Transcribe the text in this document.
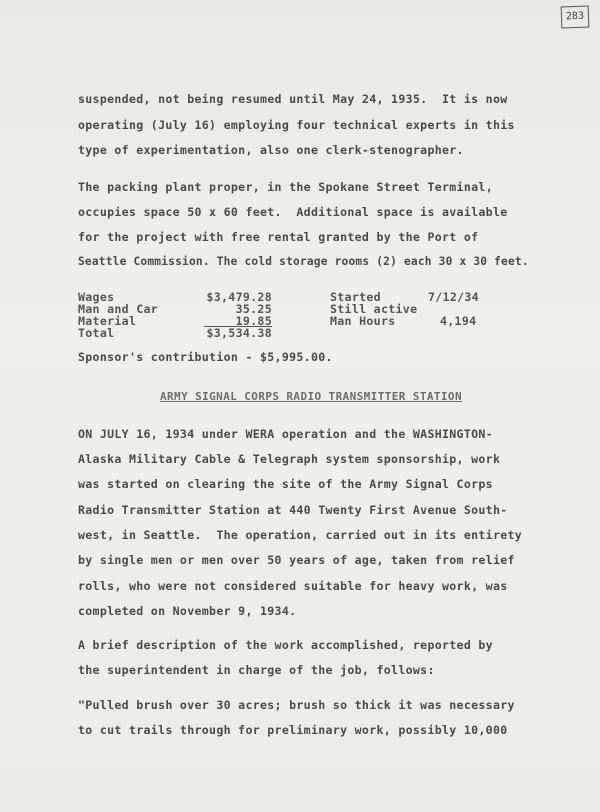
283
suspended, not being resumed until May 24, 1935.  It is now
operating (July 16) employing four technical experts in this
type of experimentation, also one clerk-stenographer.
The packing plant proper, in the Spokane Street Terminal,
occupies space 50 x 60 feet.  Additional space is available
for the project with free rental granted by the Port of
Seattle Commission. The cold storage rooms (2) each 30 x 30 feet.
Wages
Man and Car
Material
Total
$3,479.28
35.25
19.85
$3,534.38
Started
Still active
Man Hours
7/12/34
4,194
Sponsor's contribution - $5,995.00.
ARMY SIGNAL CORPS RADIO TRANSMITTER STATION
ON JULY 16, 1934 under WERA operation and the WASHINGTON-
Alaska Military Cable & Telegraph system sponsorship, work
was started on clearing the site of the Army Signal Corps
Radio Transmitter Station at 440 Twenty First Avenue South-
west, in Seattle.  The operation, carried out in its entirety
by single men or men over 50 years of age, taken from relief
rolls, who were not considered suitable for heavy work, was
completed on November 9, 1934.
A brief description of the work accomplished, reported by
the superintendent in charge of the job, follows:
"Pulled brush over 30 acres; brush so thick it was necessary
to cut trails through for preliminary work, possibly 10,000
